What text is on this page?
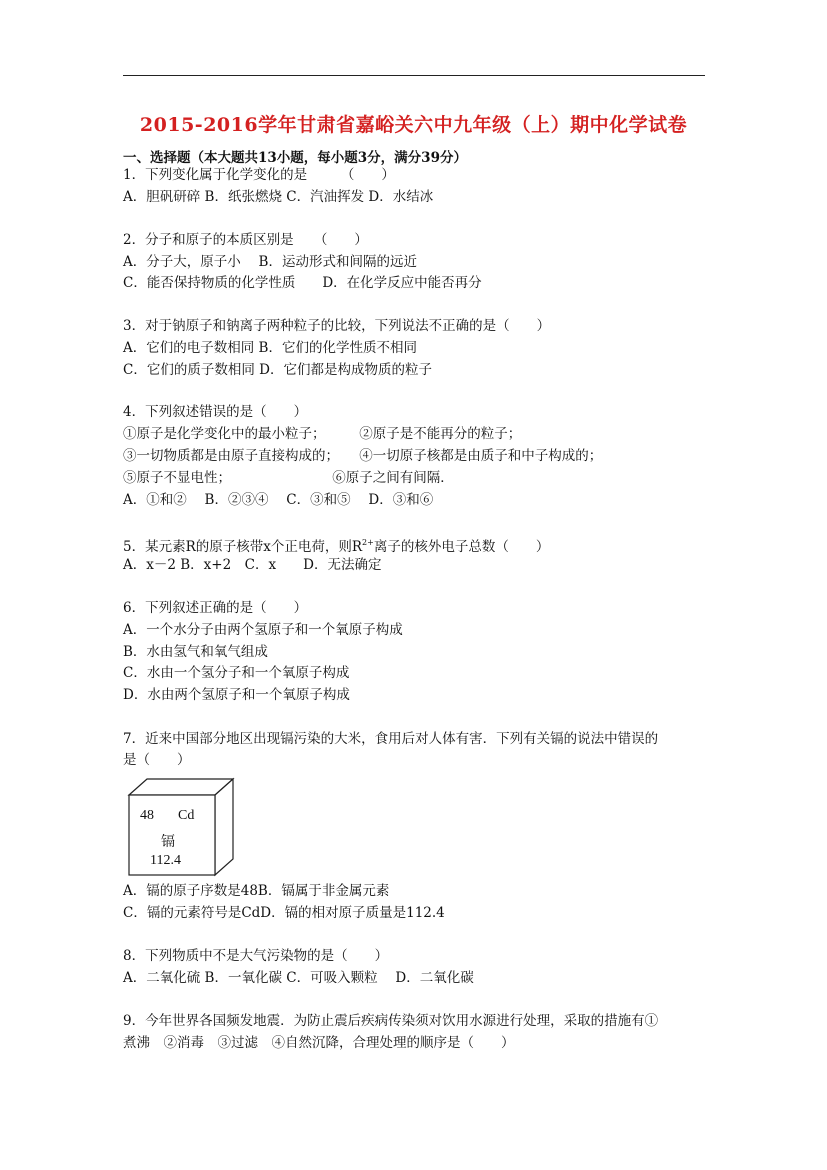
2015-2016学年甘肃省嘉峪关六中九年级（上）期中化学试卷
一、选择题（本大题共13小题，每小题3分，满分39分）
1．下列变化属于化学变化的是　　　（　　）
A．胆矾研碎 B．纸张燃烧 C．汽油挥发 D．水结冰
2．分子和原子的本质区别是　　（　　）
A．分子大，原子小　 B．运动形式和间隔的远近
C．能否保持物质的化学性质　　D．在化学反应中能否再分
3．对于钠原子和钠离子两种粒子的比较，下列说法不正确的是（　　）
A．它们的电子数相同 B．它们的化学性质不相同
C．它们的质子数相同 D．它们都是构成物质的粒子
4．下列叙述错误的是（　　）
①原子是化学变化中的最小粒子；　　　②原子是不能再分的粒子；
③一切物质都是由原子直接构成的；　　④一切原子核都是由质子和中子构成的；
⑤原子不显电性；　　　　　　　　⑥原子之间有间隔．
A．①和②　 B．②③④　 C．③和⑤　 D．③和⑥
5．某元素R的原子核带x个正电荷，则$R^{2+}$离子的核外电子总数（　　）
A．x－2 B．x+2　C．x　　D．无法确定
6．下列叙述正确的是（　　）
A．一个水分子由两个氢原子和一个氧原子构成
B．水由氢气和氧气组成
C．水由一个氢分子和一个氧原子构成
D．水由两个氢原子和一个氧原子构成
7．近来中国部分地区出现镉污染的大米，食用后对人体有害．下列有关镉的说法中错误的
是（　　）
48 Cd
镉
112.4
A．镉的原子序数是48B．镉属于非金属元素
C．镉的元素符号是CdD．镉的相对原子质量是112.4
8．下列物质中不是大气污染物的是（　　）
A．二氧化硫 B．一氧化碳 C．可吸入颗粒　 D．二氧化碳
9．今年世界各国频发地震．为防止震后疾病传染须对饮用水源进行处理，采取的措施有①
煮沸　②消毒　③过滤　④自然沉降，合理处理的顺序是（　　）
